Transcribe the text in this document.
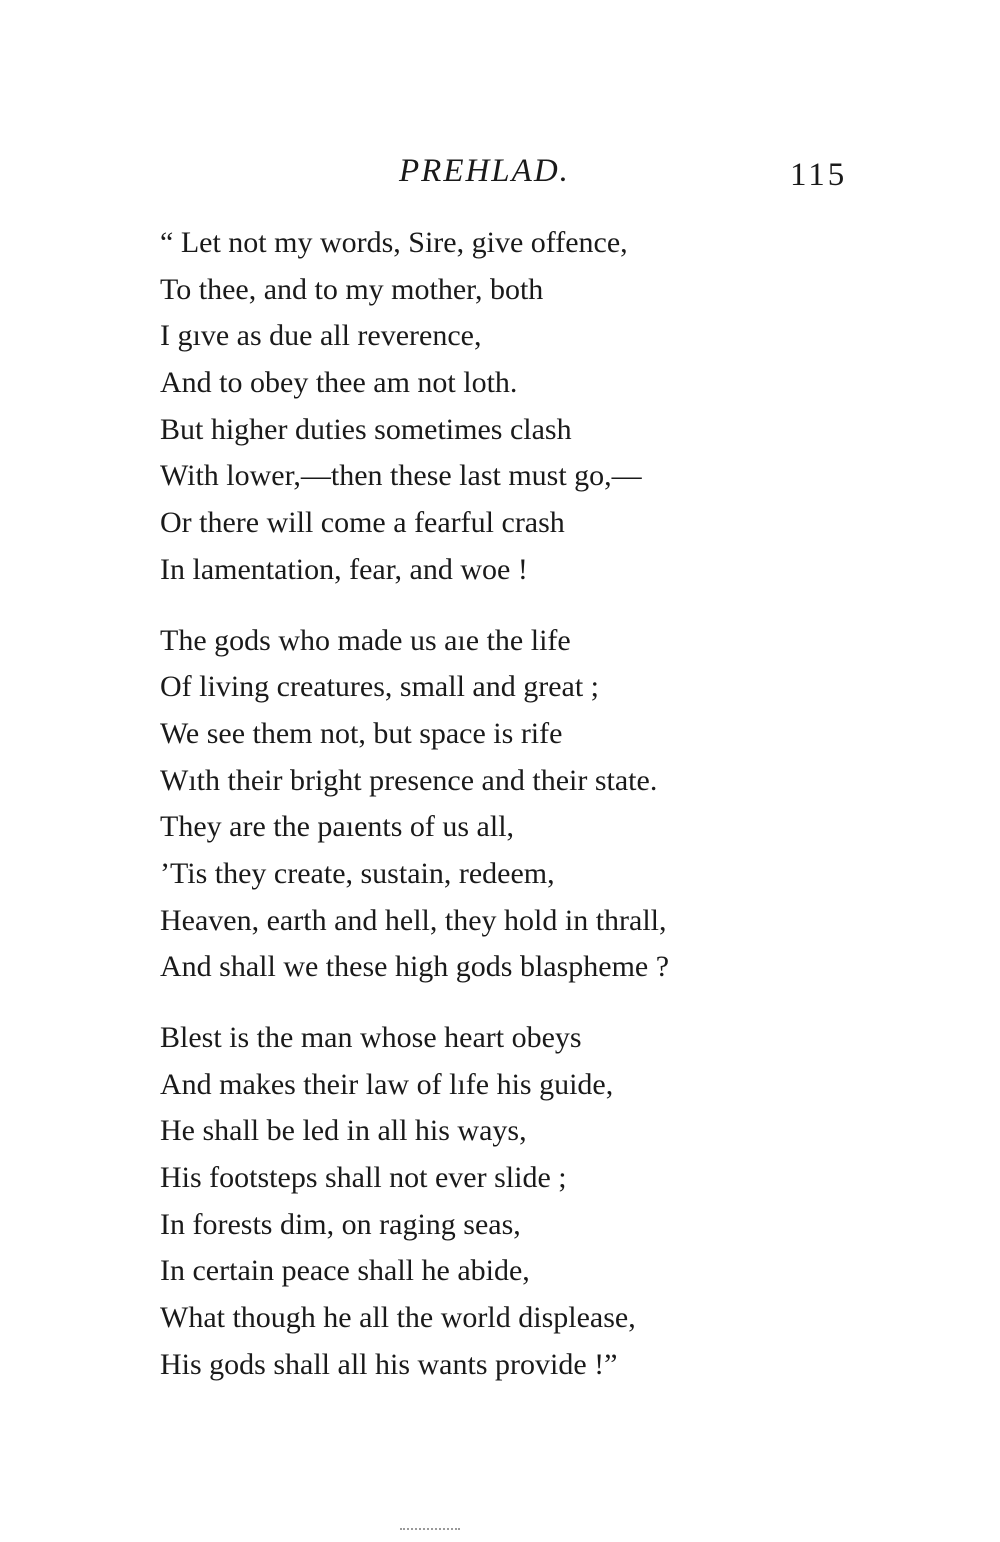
PREHLAD.	115
“ Let not my words, Sire, give offence,
To thee, and to my mother, both
I gıve as due all reverence,
And to obey thee am not loth.
But higher duties sometimes clash
With lower,—then these last must go,—
Or there will come a fearful crash
In lamentation, fear, and woe !
The gods who made us aıe the life
Of living creatures, small and great ;
We see them not, but space is rife
Wıth their bright presence and their state.
They are the paıents of us all,
’Tis they create, sustain, redeem,
Heaven, earth and hell, they hold in thrall,
And shall we these high gods blaspheme ?
Blest is the man whose heart obeys
And makes their law of lıfe his guide,
He shall be led in all his ways,
His footsteps shall not ever slide ;
In forests dim, on raging seas,
In certain peace shall he abide,
What though he all the world displease,
His gods shall all his wants provide !”
